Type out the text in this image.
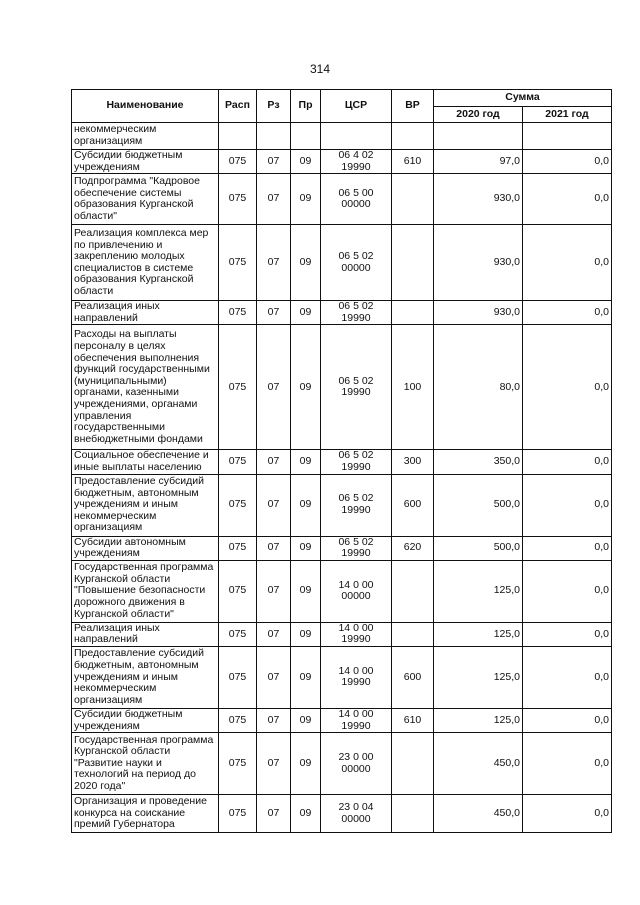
314
Наименование	Расп	Рз	Пр	ЦСР	ВР	Сумма	
						2020 год	2021 год
некоммерческим организациям							
Субсидии бюджетным учреждениям	075	07	09	06 4 02 19990	610	97,0	0,0
Подпрограмма "Кадровое обеспечение системы образования Курганской области"	075	07	09	06 5 00 00000		930,0	0,0
Реализация комплекса мер по привлечению и закреплению молодых специалистов в системе образования Курганской области	075	07	09	06 5 02 00000		930,0	0,0
Реализация иных направлений	075	07	09	06 5 02 19990		930,0	0,0
Расходы на выплаты персоналу в целях обеспечения выполнения функций государственными (муниципальными) органами, казенными учреждениями, органами управления государственными внебюджетными фондами	075	07	09	06 5 02 19990	100	80,0	0,0
Социальное обеспечение и иные выплаты населению	075	07	09	06 5 02 19990	300	350,0	0,0
Предоставление субсидий бюджетным, автономным учреждениям и иным некоммерческим организациям	075	07	09	06 5 02 19990	600	500,0	0,0
Субсидии автономным учреждениям	075	07	09	06 5 02 19990	620	500,0	0,0
Государственная программа Курганской области "Повышение безопасности дорожного движения в Курганской области"	075	07	09	14 0 00 00000		125,0	0,0
Реализация иных направлений	075	07	09	14 0 00 19990		125,0	0,0
Предоставление субсидий бюджетным, автономным учреждениям и иным некоммерческим организациям	075	07	09	14 0 00 19990	600	125,0	0,0
Субсидии бюджетным учреждениям	075	07	09	14 0 00 19990	610	125,0	0,0
Государственная программа Курганской области "Развитие науки и технологий на период до 2020 года"	075	07	09	23 0 00 00000		450,0	0,0
Организация и проведение конкурса на соискание премий Губернатора	075	07	09	23 0 04 00000		450,0	0,0
